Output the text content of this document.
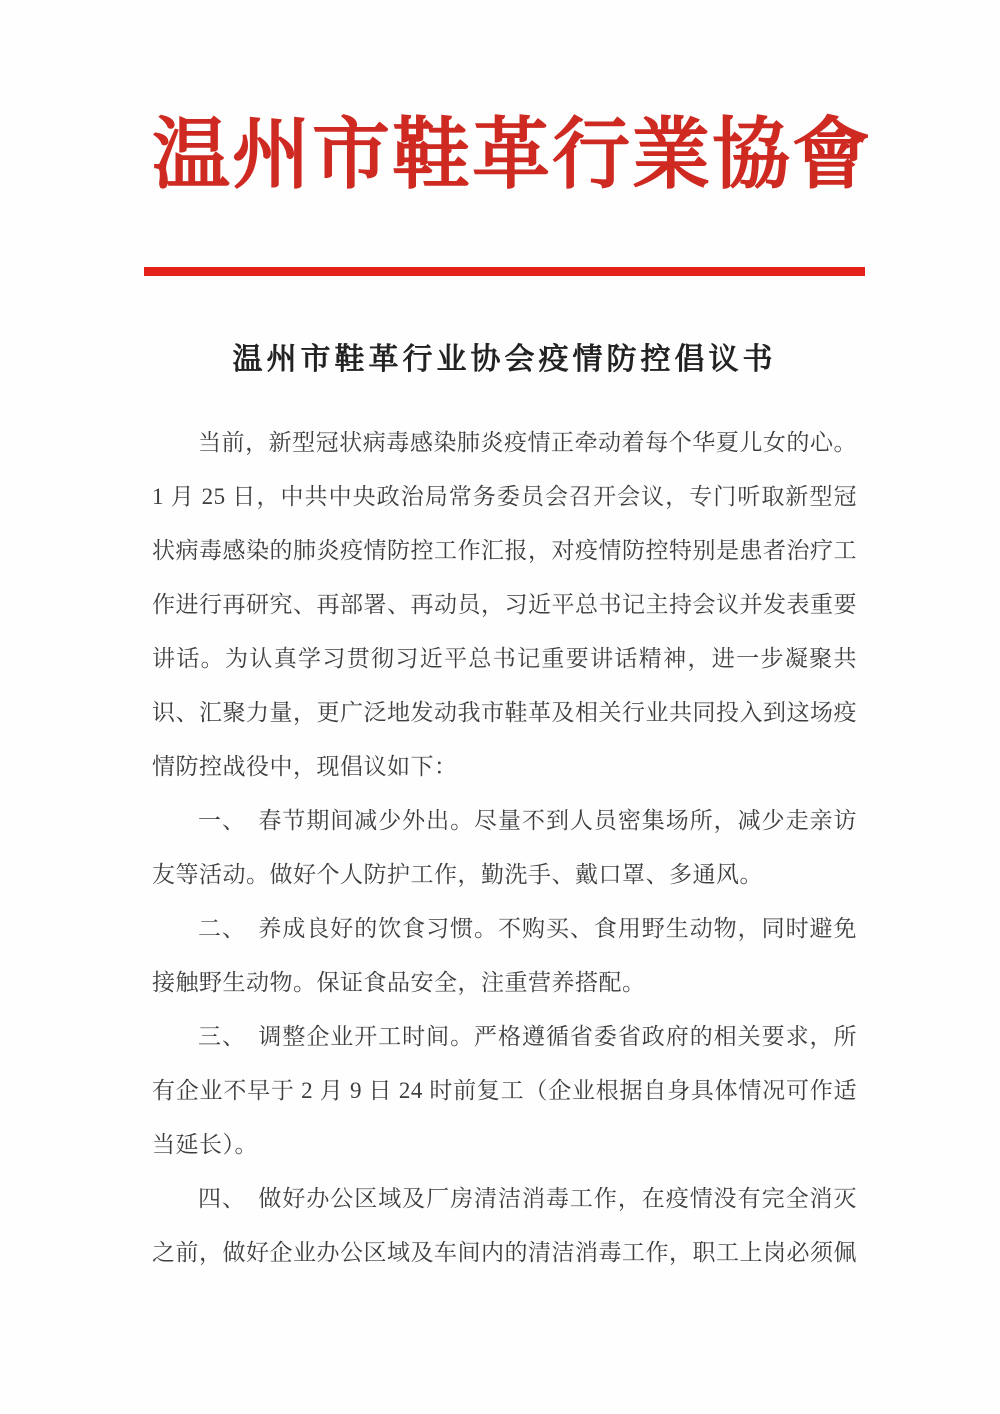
温州市鞋革行業協會
温州市鞋革行业协会疫情防控倡议书

当前，新型冠状病毒感染肺炎疫情正牵动着每个华夏儿女的心。1 月 25 日，中共中央政治局常务委员会召开会议，专门听取新型冠状病毒感染的肺炎疫情防控工作汇报，对疫情防控特别是患者治疗工作进行再研究、再部署、再动员，习近平总书记主持会议并发表重要讲话。为认真学习贯彻习近平总书记重要讲话精神，进一步凝聚共识、汇聚力量，更广泛地发动我市鞋革及相关行业共同投入到这场疫情防控战役中，现倡议如下：

一、　春节期间减少外出。尽量不到人员密集场所，减少走亲访友等活动。做好个人防护工作，勤洗手、戴口罩、多通风。

二、　养成良好的饮食习惯。不购买、食用野生动物，同时避免接触野生动物。保证食品安全，注重营养搭配。

三、　调整企业开工时间。严格遵循省委省政府的相关要求，所有企业不早于 2 月 9 日 24 时前复工（企业根据自身具体情况可作适当延长）。

四、　做好办公区域及厂房清洁消毒工作，在疫情没有完全消灭之前，做好企业办公区域及车间内的清洁消毒工作，职工上岗必须佩
